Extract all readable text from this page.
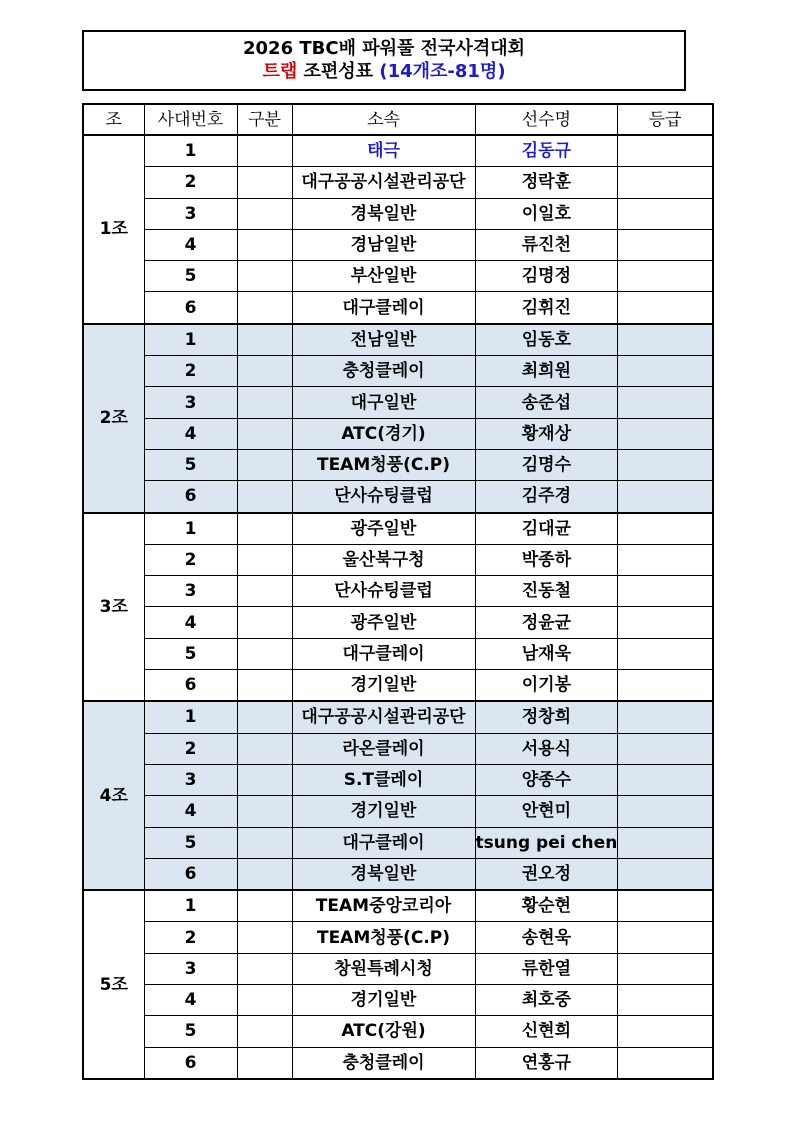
2026 TBC배 파워풀 전국사격대회
트랩 조편성표 (14개조-81명)
조	사대번호	구분	소속	선수명	등급
1조	1		태극	김동규	
	2		대구공공시설관리공단	정락훈	
	3		경북일반	이일호	
	4		경남일반	류진천	
	5		부산일반	김명정	
	6		대구클레이	김휘진	
2조	1		전남일반	임동호	
	2		충청클레이	최희원	
	3		대구일반	송준섭	
	4		ATC(경기)	황재상	
	5		TEAM청풍(C.P)	김명수	
	6		단사슈팅클럽	김주경	
3조	1		광주일반	김대균	
	2		울산북구청	박종하	
	3		단사슈팅클럽	진동철	
	4		광주일반	정윤균	
	5		대구클레이	남재욱	
	6		경기일반	이기봉	
4조	1		대구공공시설관리공단	정창희	
	2		라온클레이	서용식	
	3		S.T클레이	양종수	
	4		경기일반	안현미	
	5		대구클레이	tsung pei chen	
	6		경북일반	권오정	
5조	1		TEAM중앙코리아	황순현	
	2		TEAM청풍(C.P)	송현욱	
	3		창원특례시청	류한열	
	4		경기일반	최호중	
	5		ATC(강원)	신현희	
	6		충청클레이	연홍규	
